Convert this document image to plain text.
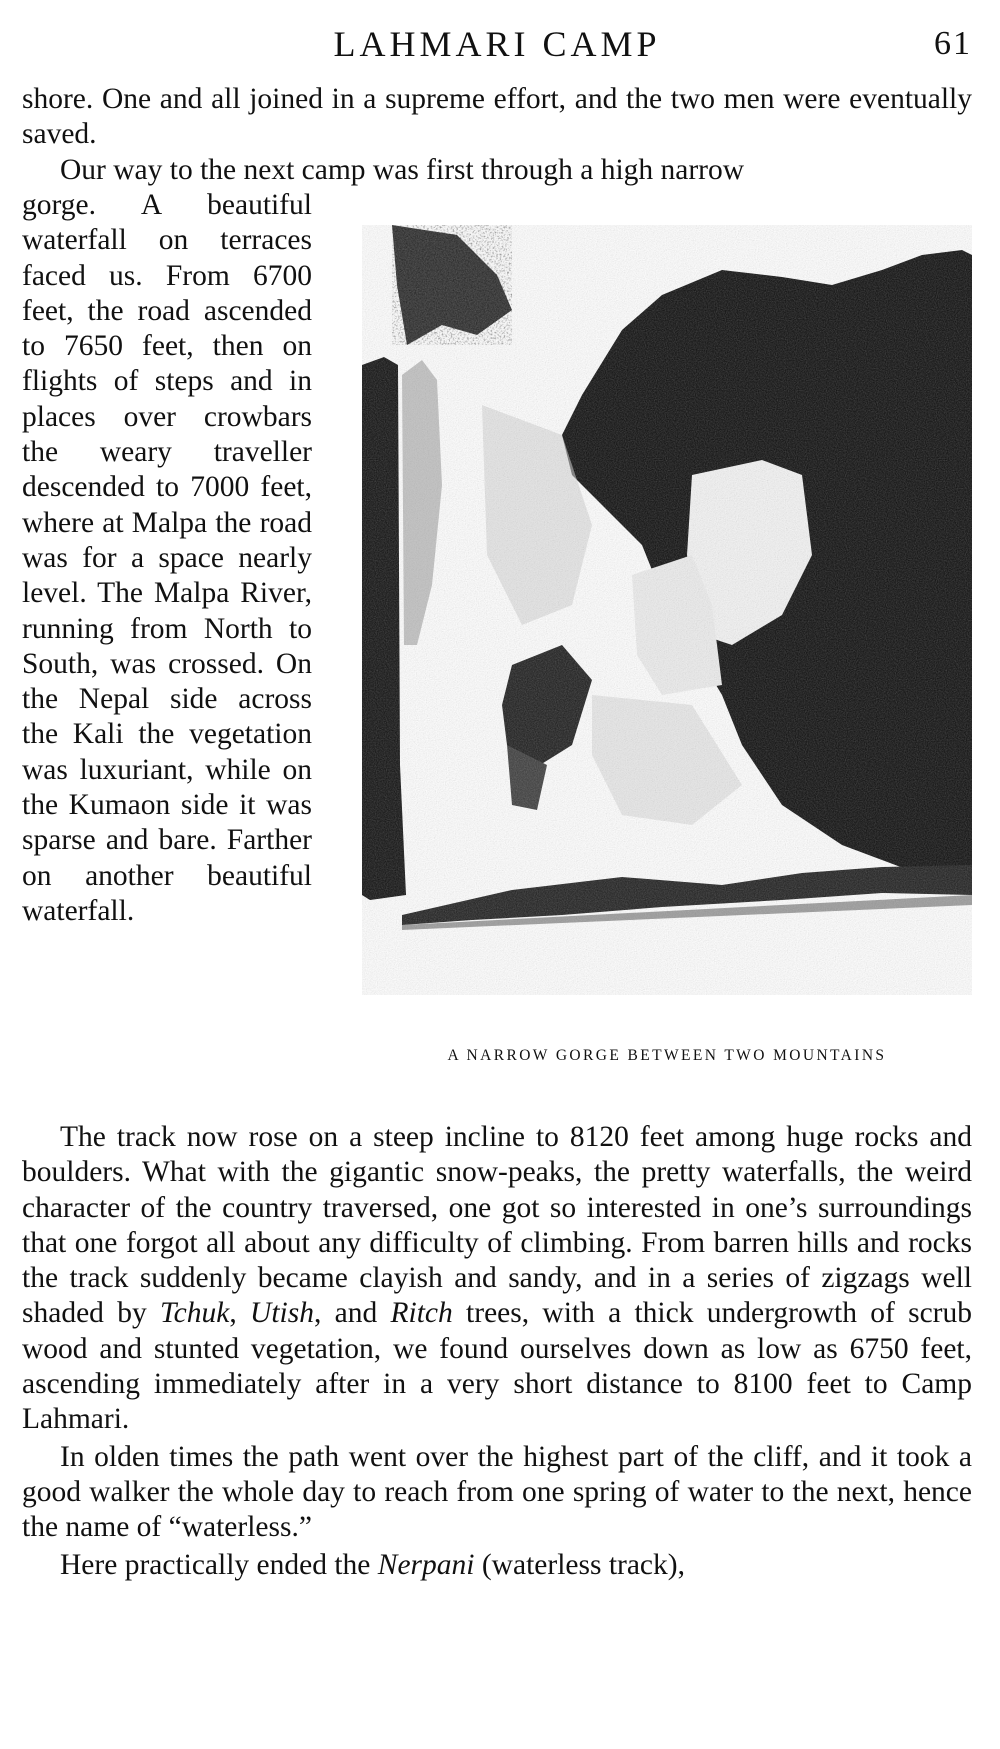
LAHMARI CAMP	61

shore. One and all joined in a supreme effort, and the two men were eventually saved.

Our way to the next camp was first through a high narrow

gorge. A beautiful waterfall on terraces faced us. From 6700 feet, the road ascended to 7650 feet, then on flights of steps and in places over crowbars the weary traveller descended to 7000 feet, where at Malpa the road was for a space nearly level. The Malpa River, running from North to South, was crossed. On the Nepal side across the Kali the vegetation was luxuriant, while on the Kumaon side it was sparse and bare. Farther on another beautiful waterfall.

A NARROW GORGE BETWEEN TWO MOUNTAINS

The track now rose on a steep incline to 8120 feet among huge rocks and boulders. What with the gigantic snow-peaks, the pretty waterfalls, the weird character of the country traversed, one got so interested in one’s surroundings that one forgot all about any difficulty of climbing. From barren hills and rocks the track suddenly became clayish and sandy, and in a series of zigzags well shaded by Tchuk, Utish, and Ritch trees, with a thick undergrowth of scrub wood and stunted vegetation, we found ourselves down as low as 6750 feet, ascending immediately after in a very short distance to 8100 feet to Camp Lahmari.

In olden times the path went over the highest part of the cliff, and it took a good walker the whole day to reach from one spring of water to the next, hence the name of “waterless.”

Here practically ended the Nerpani (waterless track),
